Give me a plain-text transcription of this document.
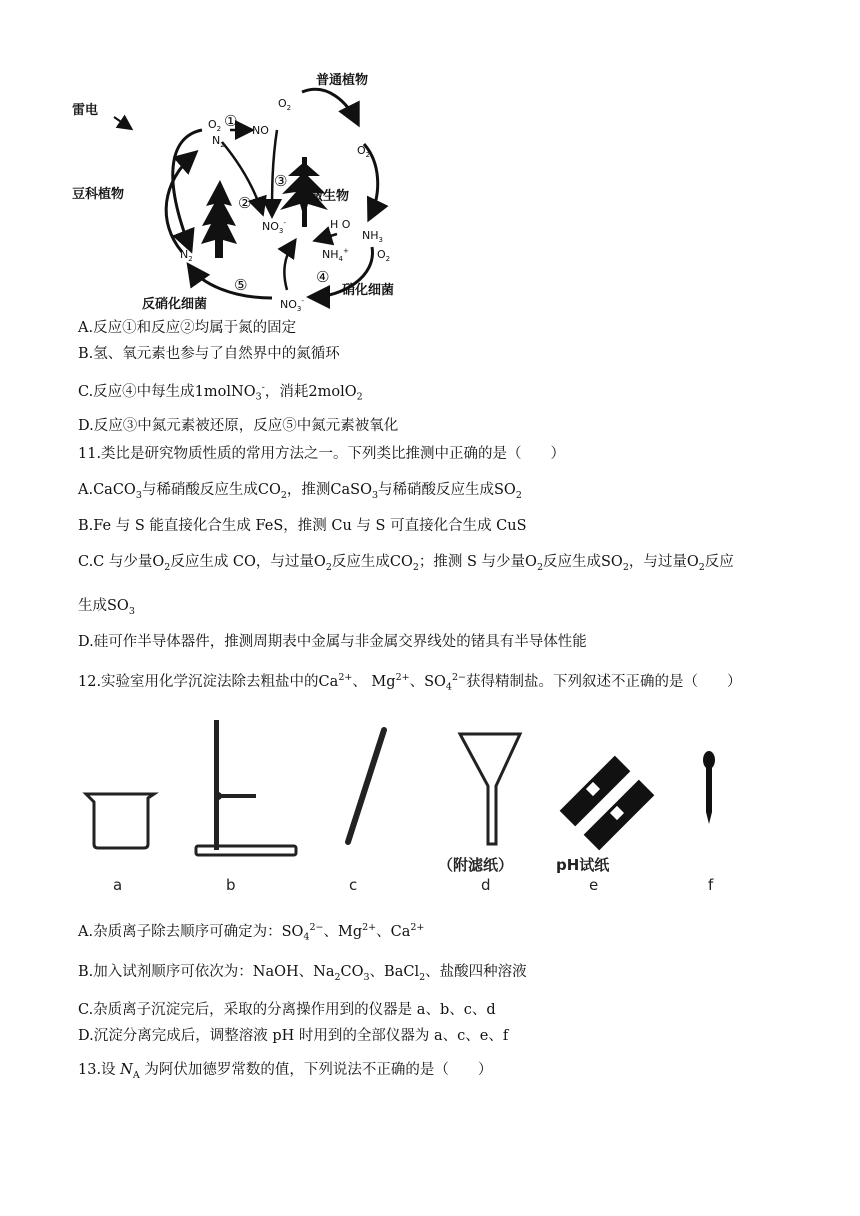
雷电
豆科植物
普通植物
微生物
反硝化细菌
硝化细菌
$O_2$
$O_2$
$O_2$
$O_2$
$N_2$
$N_2$
NO
$NO_3^-$
$NO_3^-$
$NH_3$
$NH_4^+$
H O
①
②
③
④
⑤
A.反应①和反应②均属于氮的固定
B.氢、氧元素也参与了自然界中的氮循环
C.反应④中每生成1molNO$_3$-，消耗2molO$_2$
D.反应③中氮元素被还原，反应⑤中氮元素被氧化
11.类比是研究物质性质的常用方法之一。下列类比推测中正确的是（　　）
A.CaCO$_3$与稀硝酸反应生成$CO_2$，推测CaSO$_3$与稀硝酸反应生成$SO_2$
B.Fe 与 S 能直接化合生成 FeS，推测 Cu 与 S 可直接化合生成 CuS
C.C 与少量$O_2$反应生成 CO，与过量$O_2$反应生成$CO_2$；推测 S 与少量$O_2$反应生成$SO_2$，与过量$O_2$反应
生成$SO_3$
D.硅可作半导体器件，推测周期表中金属与非金属交界线处的锗具有半导体性能
12.实验室用化学沉淀法除去粗盐中的$Ca^{2+}$、 $Mg^{2+}$、$SO_4^{2-}$获得精制盐。下列叙述不正确的是（　　）
a	b	c	d	e	f
（附滤纸）	pH试纸
A.杂质离子除去顺序可确定为：$SO_4^{2-}$、$Mg^{2+}$、$Ca^{2+}$
B.加入试剂顺序可依次为：NaOH、$Na_2CO_3$、BaCl$_2$、盐酸四种溶液
C.杂质离子沉淀完后，采取的分离操作用到的仪器是 a、b、c、d
D.沉淀分离完成后，调整溶液 pH 时用到的全部仪器为 a、c、e、f
13.设 $N_A$ 为阿伏加德罗常数的值，下列说法不正确的是（　　）
